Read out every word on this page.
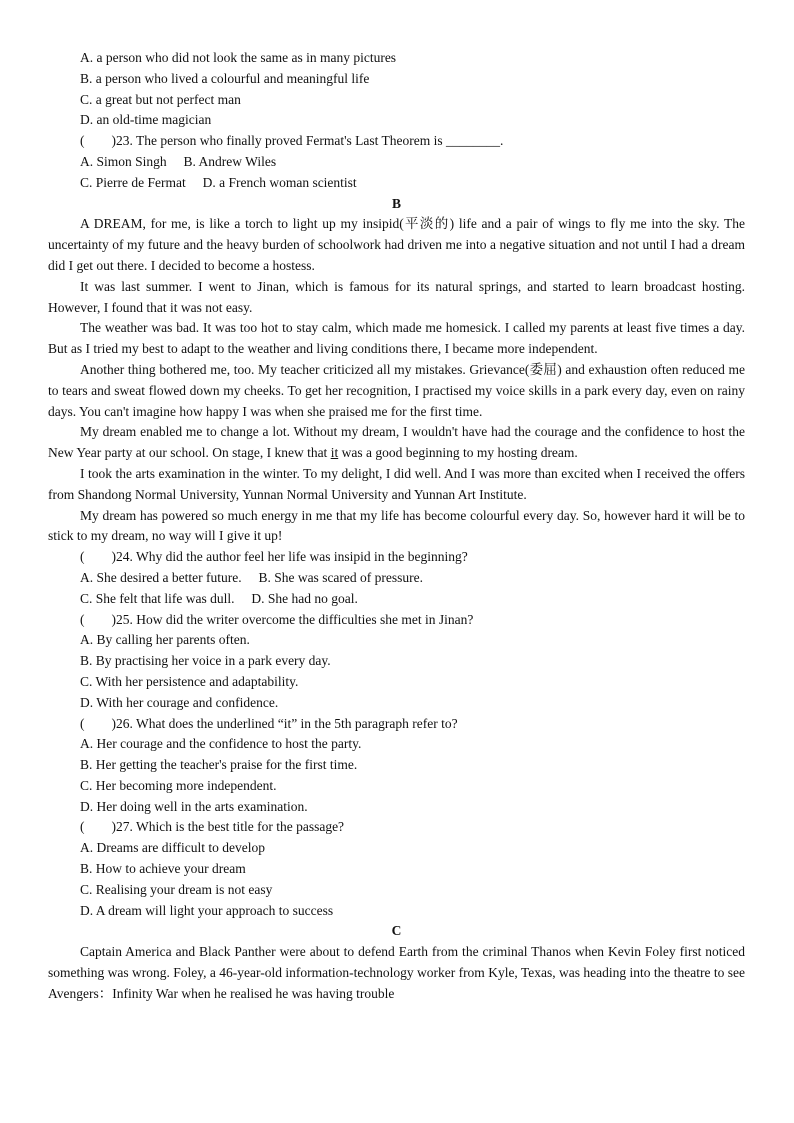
A. a person who did not look the same as in many pictures

B. a person who lived a colourful and meaningful life

C. a great but not perfect man

D. an old-time magician

(        )23. The person who finally proved Fermat's Last Theorem is ________.

A. Simon Singh     B. Andrew Wiles

C. Pierre de Fermat     D. a French woman scientist

B

A DREAM, for me, is like a torch to light up my insipid(平淡的) life and a pair of wings to fly me into the sky. The uncertainty of my future and the heavy burden of schoolwork had driven me into a negative situation and not until I had a dream did I get out there. I decided to become a hostess.

It was last summer. I went to Jinan, which is famous for its natural springs, and started to learn broadcast hosting. However, I found that it was not easy.

The weather was bad. It was too hot to stay calm, which made me homesick. I called my parents at least five times a day. But as I tried my best to adapt to the weather and living conditions there, I became more independent.

Another thing bothered me, too. My teacher criticized all my mistakes. Grievance(委屈) and exhaustion often reduced me to tears and sweat flowed down my cheeks. To get her recognition, I practised my voice skills in a park every day, even on rainy days. You can't imagine how happy I was when she praised me for the first time.

My dream enabled me to change a lot. Without my dream, I wouldn't have had the courage and the confidence to host the New Year party at our school. On stage, I knew that it was a good beginning to my hosting dream.

I took the arts examination in the winter. To my delight, I did well. And I was more than excited when I received the offers from Shandong Normal University, Yunnan Normal University and Yunnan Art Institute.

My dream has powered so much energy in me that my life has become colourful every day. So, however hard it will be to stick to my dream, no way will I give it up!

(        )24. Why did the author feel her life was insipid in the beginning?

A. She desired a better future.     B. She was scared of pressure.

C. She felt that life was dull.     D. She had no goal.

(        )25. How did the writer overcome the difficulties she met in Jinan?

A. By calling her parents often.

B. By practising her voice in a park every day.

C. With her persistence and adaptability.

D. With her courage and confidence.

(        )26. What does the underlined “it” in the 5th paragraph refer to?

A. Her courage and the confidence to host the party.

B. Her getting the teacher's praise for the first time.

C. Her becoming more independent.

D. Her doing well in the arts examination.

(        )27. Which is the best title for the passage?

A. Dreams are difficult to develop

B. How to achieve your dream

C. Realising your dream is not easy

D. A dream will light your approach to success

C

Captain America and Black Panther were about to defend Earth from the criminal Thanos when Kevin Foley first noticed something was wrong. Foley, a 46-year-old information-technology worker from Kyle, Texas, was heading into the theatre to see Avengers：Infinity War when he realised he was having trouble
